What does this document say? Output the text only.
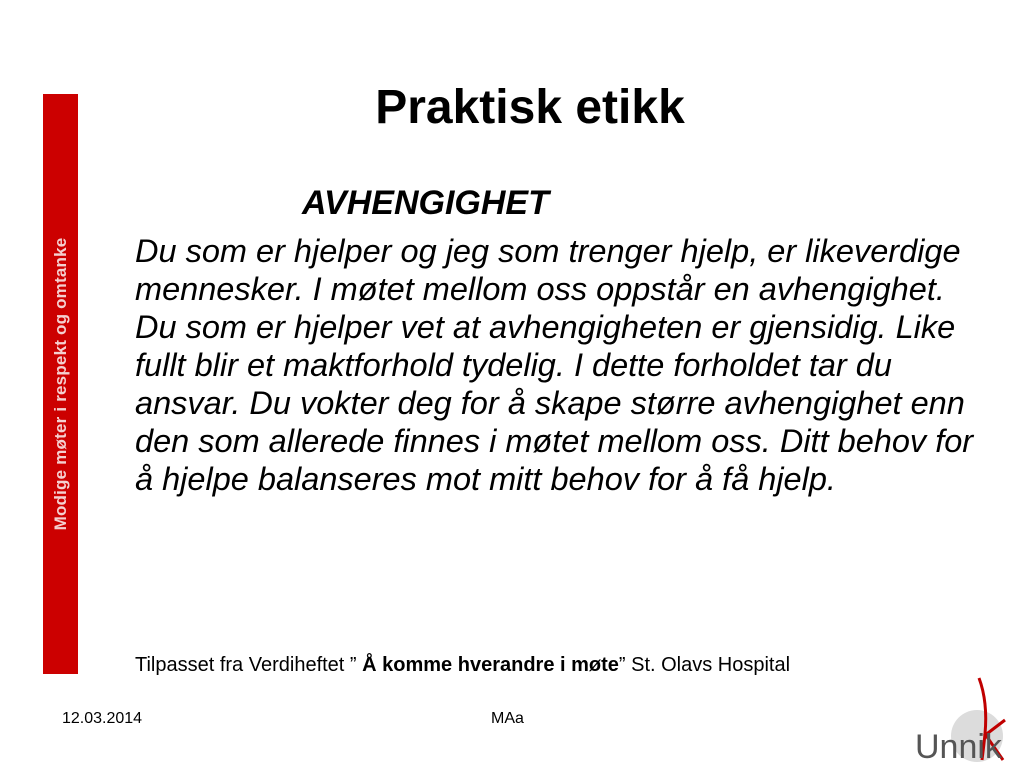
Modige møter i respekt og omtanke
Praktisk etikk
AVHENGIGHET

Du som er hjelper og jeg som trenger hjelp, er likeverdige mennesker. I møtet mellom oss oppstår en avhengighet. Du som er hjelper vet at avhengigheten er gjensidig. Like fullt blir et maktforhold tydelig. I dette forholdet tar du ansvar. Du vokter deg for å skape større avhengighet enn den som allerede finnes i møtet mellom oss. Ditt behov for å hjelpe balanseres mot mitt behov for å få hjelp.

Tilpasset fra Verdiheftet ” Å komme hverandre i møte” St. Olavs Hospital

12.03.2014	MAa
Unnik
